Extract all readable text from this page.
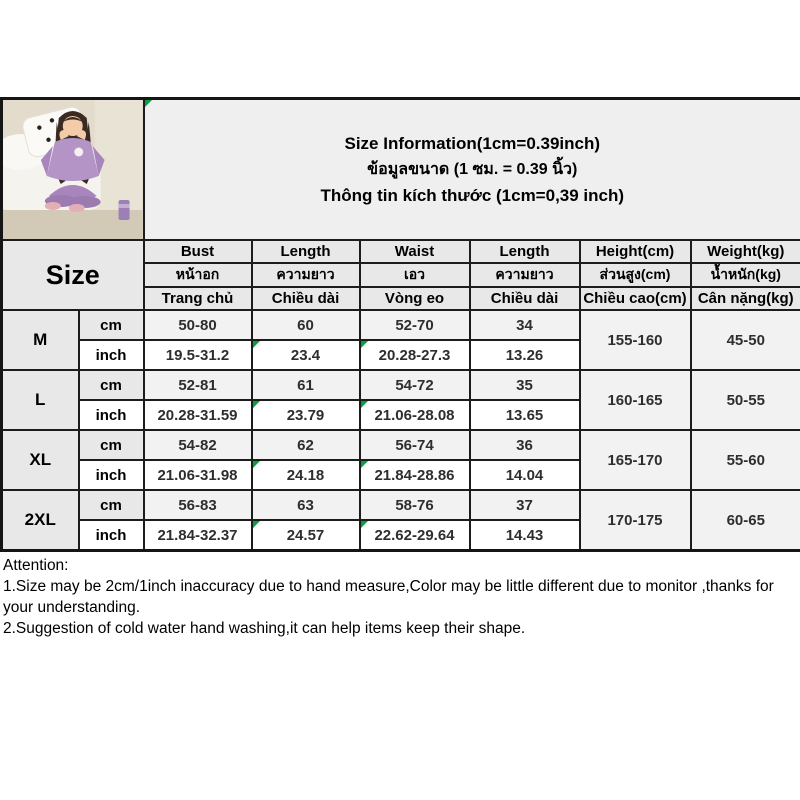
Size Information(1cm=0.39inch)
ข้อมูลขนาด (1 ซม. = 0.39 นิ้ว)
Thông tin kích thước (1cm=0,39 inch)					

Size		Bust	Length	Waist	Length	Height(cm)	Weight(kg)
		หน้าอก	ความยาว	เอว	ความยาว	ส่วนสูง(cm)	น้ำหนัก(kg)
		Trang chủ	Chiều dài	Vòng eo	Chiều dài	Chiều cao(cm)	Cân nặng(kg)
M	cm	50-80	60	52-70	34	155-160	45-50
	inch	19.5-31.2	23.4	20.28-27.3	13.26		
L	cm	52-81	61	54-72	35	160-165	50-55
	inch	20.28-31.59	23.79	21.06-28.08	13.65		
XL	cm	54-82	62	56-74	36	165-170	55-60
	inch	21.06-31.98	24.18	21.84-28.86	14.04		
2XL	cm	56-83	63	58-76	37	170-175	60-65
	inch	21.84-32.37	24.57	22.62-29.64	14.43		
Attention:
1.Size may be 2cm/1inch inaccuracy due to hand measure,Color may be little different due to monitor ,thanks for your understanding.
2.Suggestion of cold water hand washing,it can help items keep their shape.
